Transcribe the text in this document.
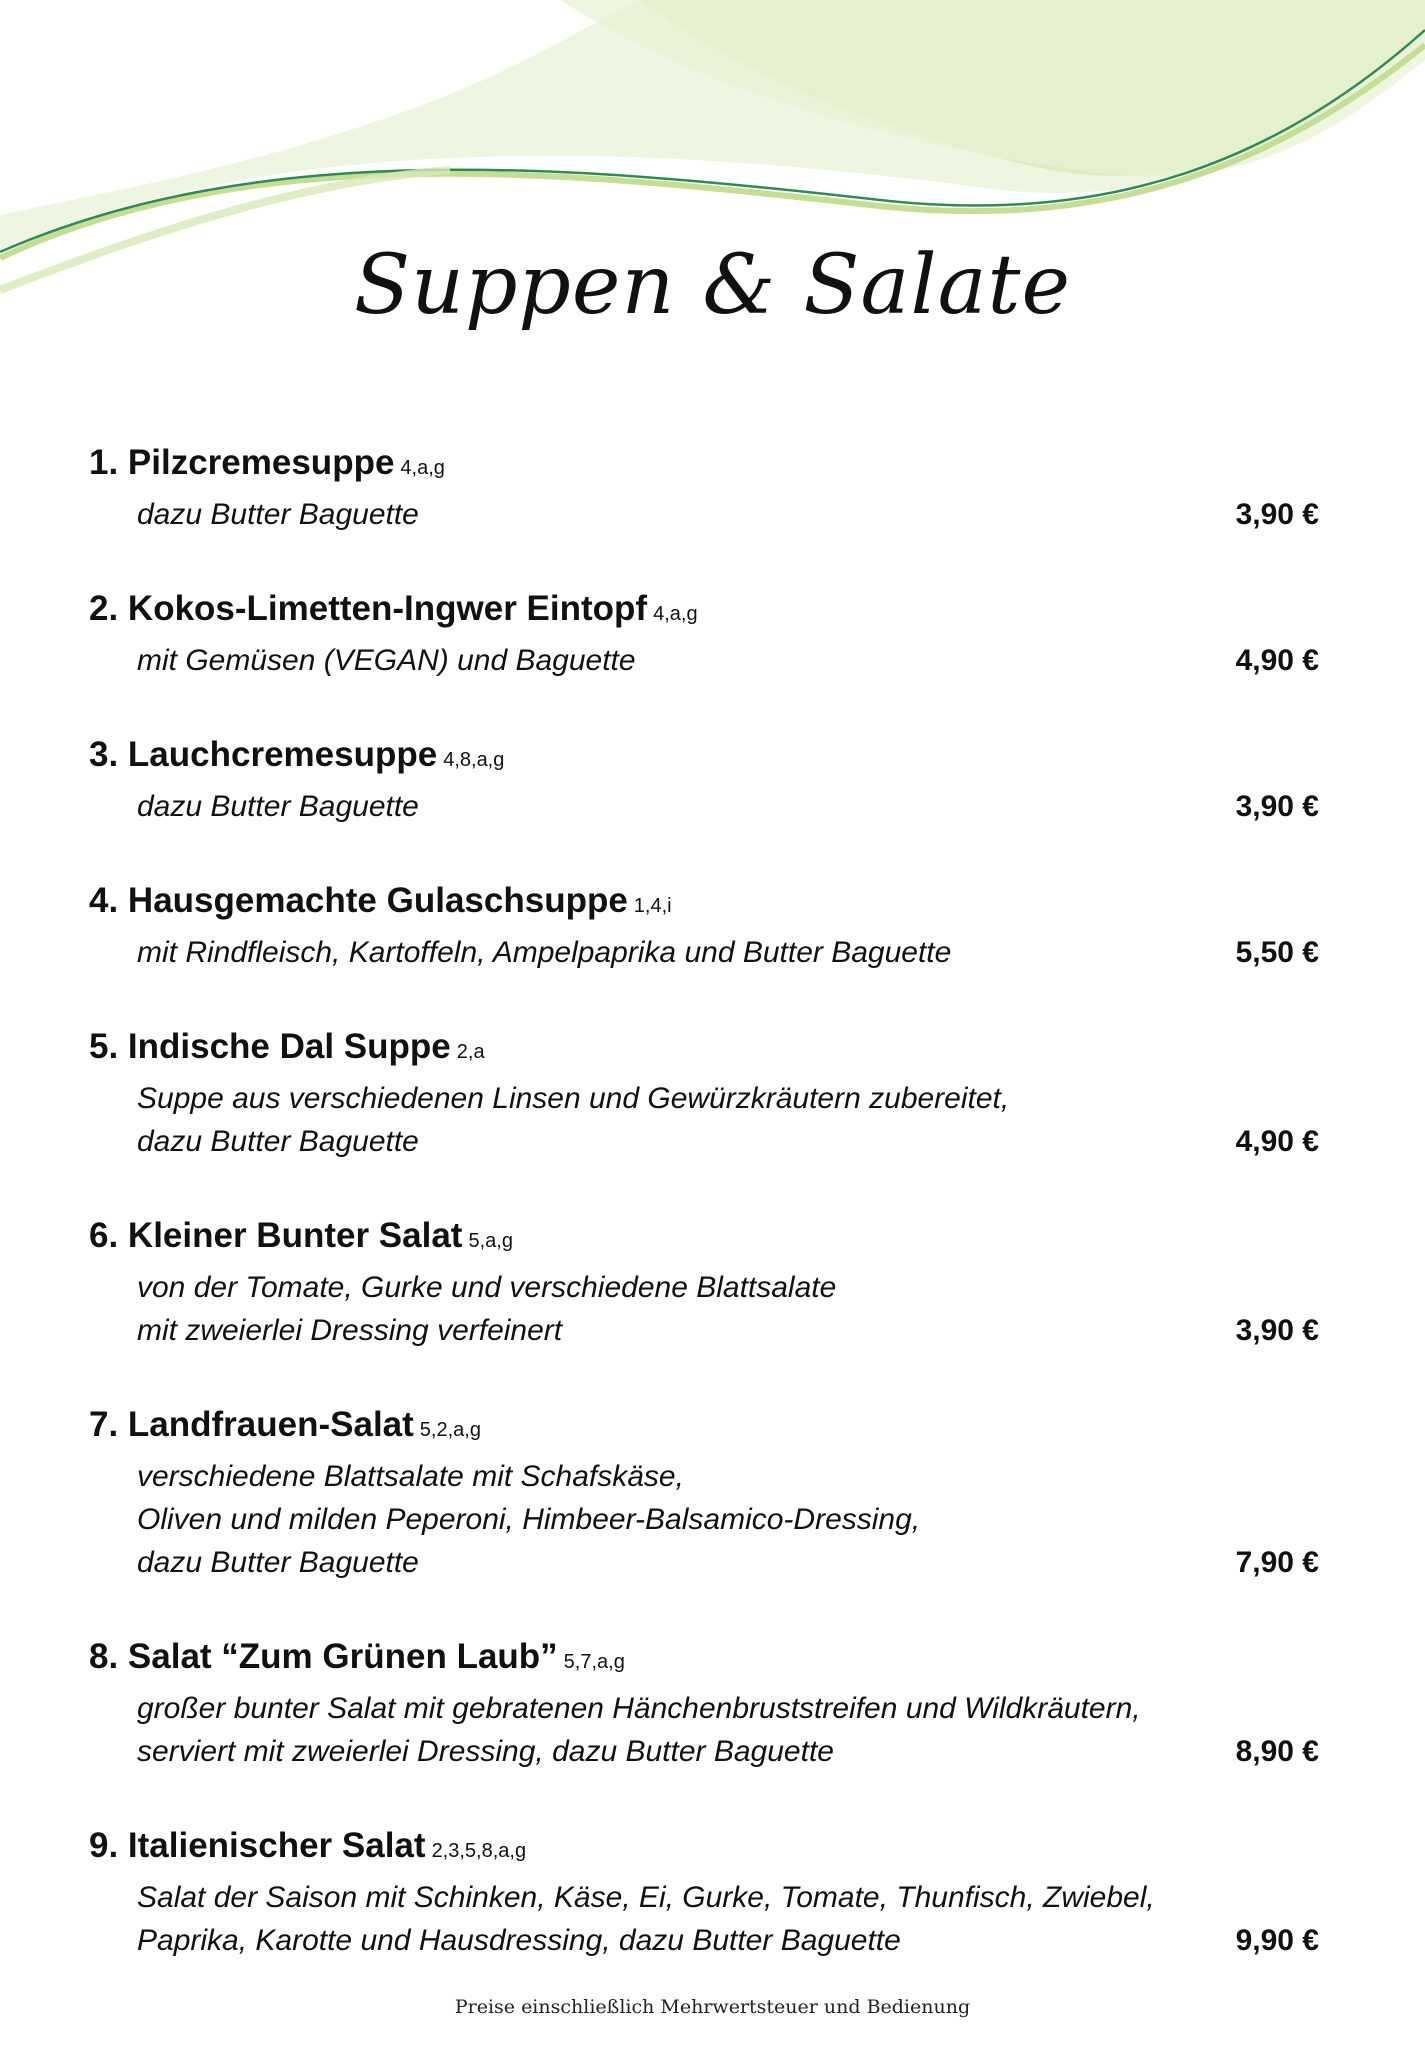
Suppen & Salate
1. Pilzcremesuppe 4,a,g
dazu Butter Baguette	3,90 €
2. Kokos-Limetten-Ingwer Eintopf 4,a,g
mit Gemüsen (VEGAN) und Baguette	4,90 €
3. Lauchcremesuppe 4,8,a,g
dazu Butter Baguette	3,90 €
4. Hausgemachte Gulaschsuppe 1,4,i
mit Rindfleisch, Kartoffeln, Ampelpaprika und Butter Baguette	5,50 €
5. Indische Dal Suppe 2,a
Suppe aus verschiedenen Linsen und Gewürzkräutern zubereitet,
dazu Butter Baguette	4,90 €
6. Kleiner Bunter Salat 5,a,g
von der Tomate, Gurke und verschiedene Blattsalate
mit zweierlei Dressing verfeinert	3,90 €
7. Landfrauen-Salat 5,2,a,g
verschiedene Blattsalate mit Schafskäse,
Oliven und milden Peperoni, Himbeer-Balsamico-Dressing,
dazu Butter Baguette	7,90 €
8. Salat “Zum Grünen Laub” 5,7,a,g
großer bunter Salat mit gebratenen Hänchenbruststreifen und Wildkräutern,
serviert mit zweierlei Dressing, dazu Butter Baguette	8,90 €
9. Italienischer Salat 2,3,5,8,a,g
Salat der Saison mit Schinken, Käse, Ei, Gurke, Tomate, Thunfisch, Zwiebel,
Paprika, Karotte und Hausdressing, dazu Butter Baguette	9,90 €
Preise einschließlich Mehrwertsteuer und Bedienung
